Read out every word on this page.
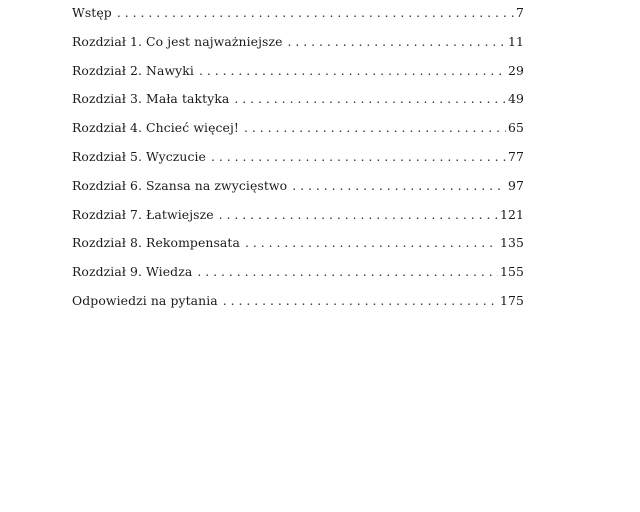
Wstęp . . .	7
Rozdział 1. Co jest najważniejsze . . .	11
Rozdział 2. Nawyki . . .	29
Rozdział 3. Mała taktyka . . .	49
Rozdział 4. Chcieć więcej! . . .	65
Rozdział 5. Wyczucie . . .	77
Rozdział 6. Szansa na zwycięstwo . . .	97
Rozdział 7. Łatwiejsze . . .	121
Rozdział 8. Rekompensata . . .	135
Rozdział 9. Wiedza . . .	155
Odpowiedzi na pytania . . .	175
